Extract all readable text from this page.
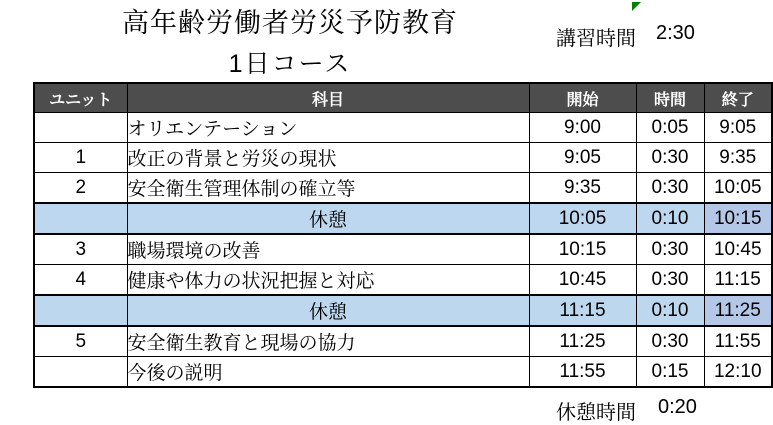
高年齢労働者労災予防教育
1日コース
講習時間 2:30
ユニット	科目	開始	時間	終了
	オリエンテーション	9:00	0:05	9:05
1	改正の背景と労災の現状	9:05	0:30	9:35
2	安全衛生管理体制の確立等	9:35	0:30	10:05
	休憩	10:05	0:10	10:15
3	職場環境の改善	10:15	0:30	10:45
4	健康や体力の状況把握と対応	10:45	0:30	11:15
	休憩	11:15	0:10	11:25
5	安全衛生教育と現場の協力	11:25	0:30	11:55
	今後の説明	11:55	0:15	12:10
休憩時間 0:20
